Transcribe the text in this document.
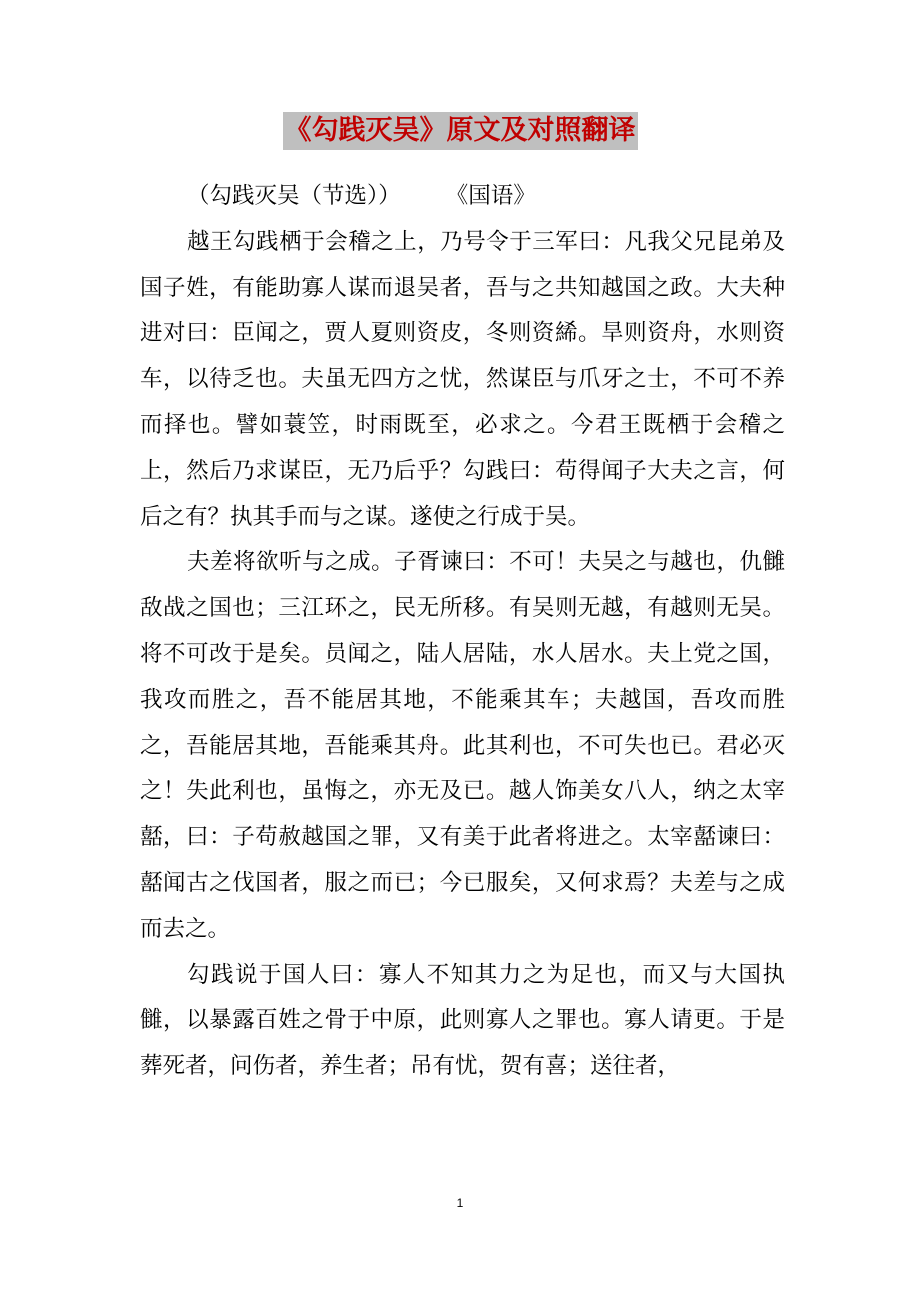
《勾践灭吴》原文及对照翻译

（勾践灭吴（节选））　　　《国语》

越王勾践栖于会稽之上，乃号令于三军曰：凡我父兄昆弟及国子姓，有能助寡人谋而退吴者，吾与之共知越国之政。大夫种进对曰：臣闻之，贾人夏则资皮，冬则资絺。旱则资舟，水则资车，以待乏也。夫虽无四方之忧，然谋臣与爪牙之士，不可不养而择也。譬如蓑笠，时雨既至，必求之。今君王既栖于会稽之上，然后乃求谋臣，无乃后乎？勾践曰：苟得闻子大夫之言，何后之有？执其手而与之谋。遂使之行成于吴。

夫差将欲听与之成。子胥谏曰：不可！夫吴之与越也，仇雠敌战之国也；三江环之，民无所移。有吴则无越，有越则无吴。将不可改于是矣。员闻之，陆人居陆，水人居水。夫上党之国，我攻而胜之，吾不能居其地，不能乘其车；夫越国，吾攻而胜之，吾能居其地，吾能乘其舟。此其利也，不可失也已。君必灭之！失此利也，虽悔之，亦无及已。越人饰美女八人，纳之太宰嚭，曰：子苟赦越国之罪，又有美于此者将进之。太宰嚭谏曰：嚭闻古之伐国者，服之而已；今已服矣，又何求焉？夫差与之成而去之。

勾践说于国人曰：寡人不知其力之为足也，而又与大国执雠，以暴露百姓之骨于中原，此则寡人之罪也。寡人请更。于是葬死者，问伤者，养生者；吊有忧，贺有喜；送往者，

1
